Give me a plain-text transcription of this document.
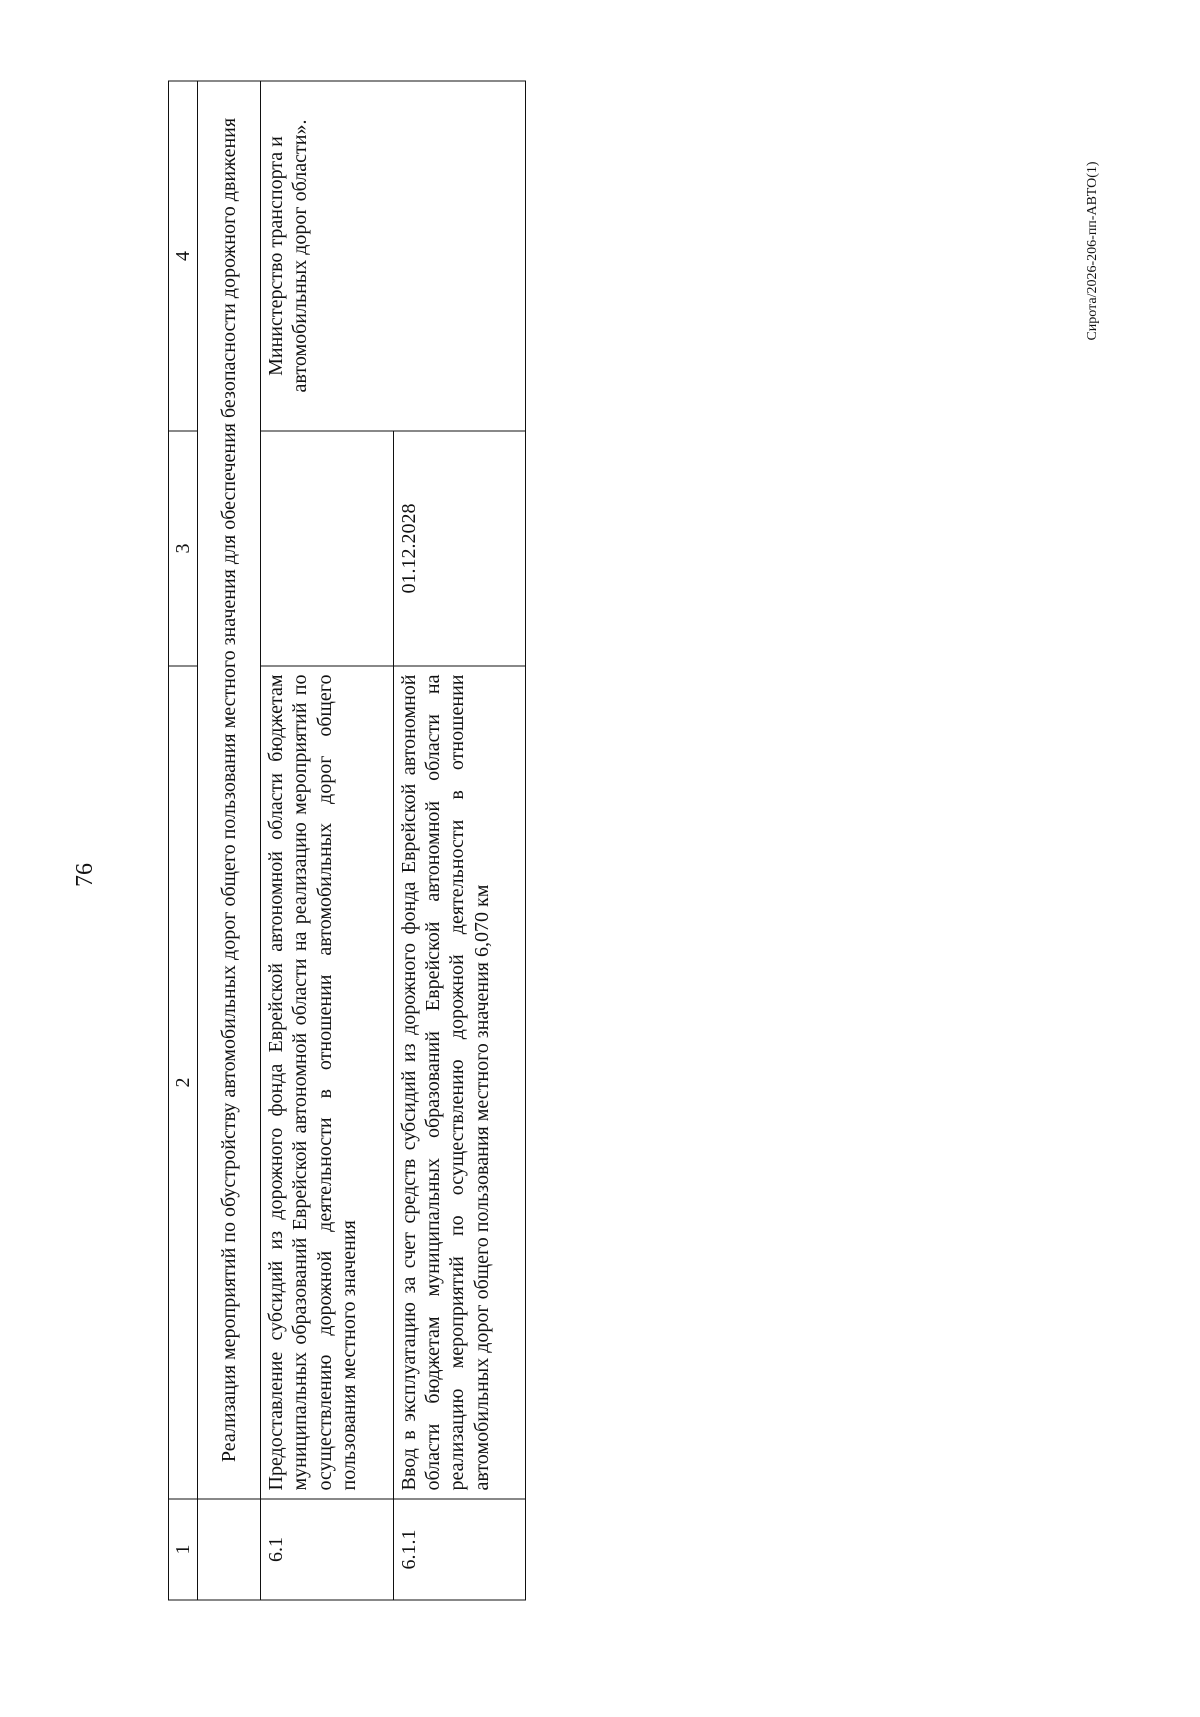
76
1	2	3	4
	Реализация мероприятий по обустройству автомобильных дорог общего пользования местного значения для обеспечения безопасности дорожного движения		
6.1	Предоставление субсидий из дорожного фонда Еврейской автономной области бюджетам муниципальных образований Еврейской автономной области на реализацию мероприятий по осуществлению дорожной деятельности в отношении автомобильных дорог общего пользования местного значения		Министерство транспорта и автомобильных дорог области».
6.1.1	Ввод в эксплуатацию за счет средств субсидий из дорожного фонда Еврейской автономной области бюджетам муниципальных образований Еврейской автономной области на реализацию мероприятий по осуществлению дорожной деятельности в отношении автомобильных дорог общего пользования местного значения 6,070 км	01.12.2028	
Сирота/2026-206-пп-АВТО(1)
